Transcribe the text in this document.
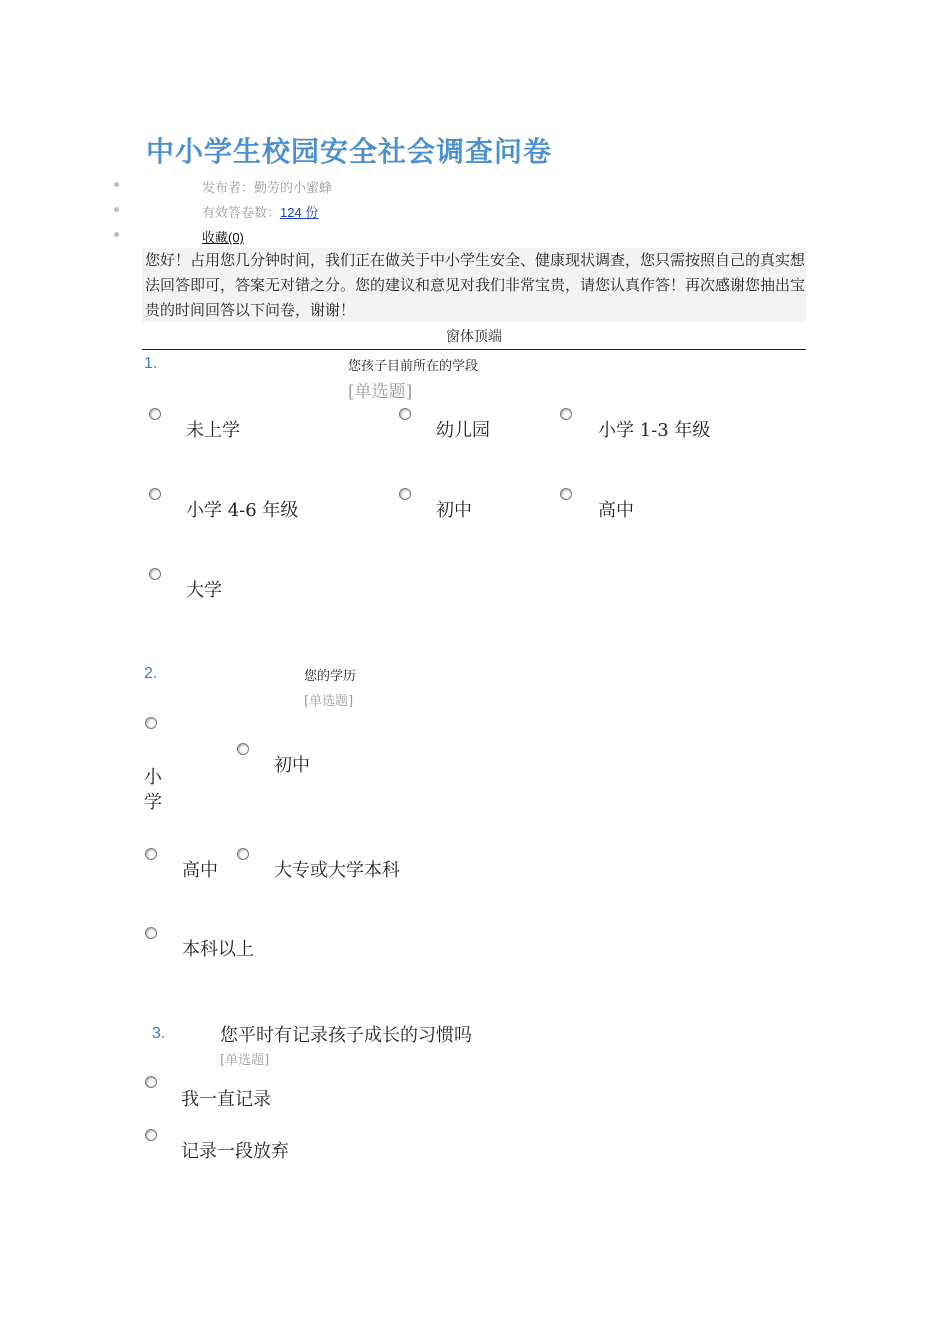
中小学生校园安全社会调查问卷
发布者：勤劳的小蜜蜂
有效答卷数：124 份
收藏(0)
您好！占用您几分钟时间，我们正在做关于中小学生安全、健康现状调查，您只需按照自己的真实想法回答即可，答案无对错之分。您的建议和意见对我们非常宝贵，请您认真作答！再次感谢您抽出宝贵的时间回答以下问卷，谢谢！
窗体顶端
1.	您孩子目前所在的学段
[单选题]
未上学	幼儿园	小学 1-3 年级
小学 4-6 年级	初中	高中
大学
2.	您的学历
[单选题]
小学
初中
高中	大专或大学本科
本科以上
3.	您平时有记录孩子成长的习惯吗
[单选题]
我一直记录
记录一段放弃
